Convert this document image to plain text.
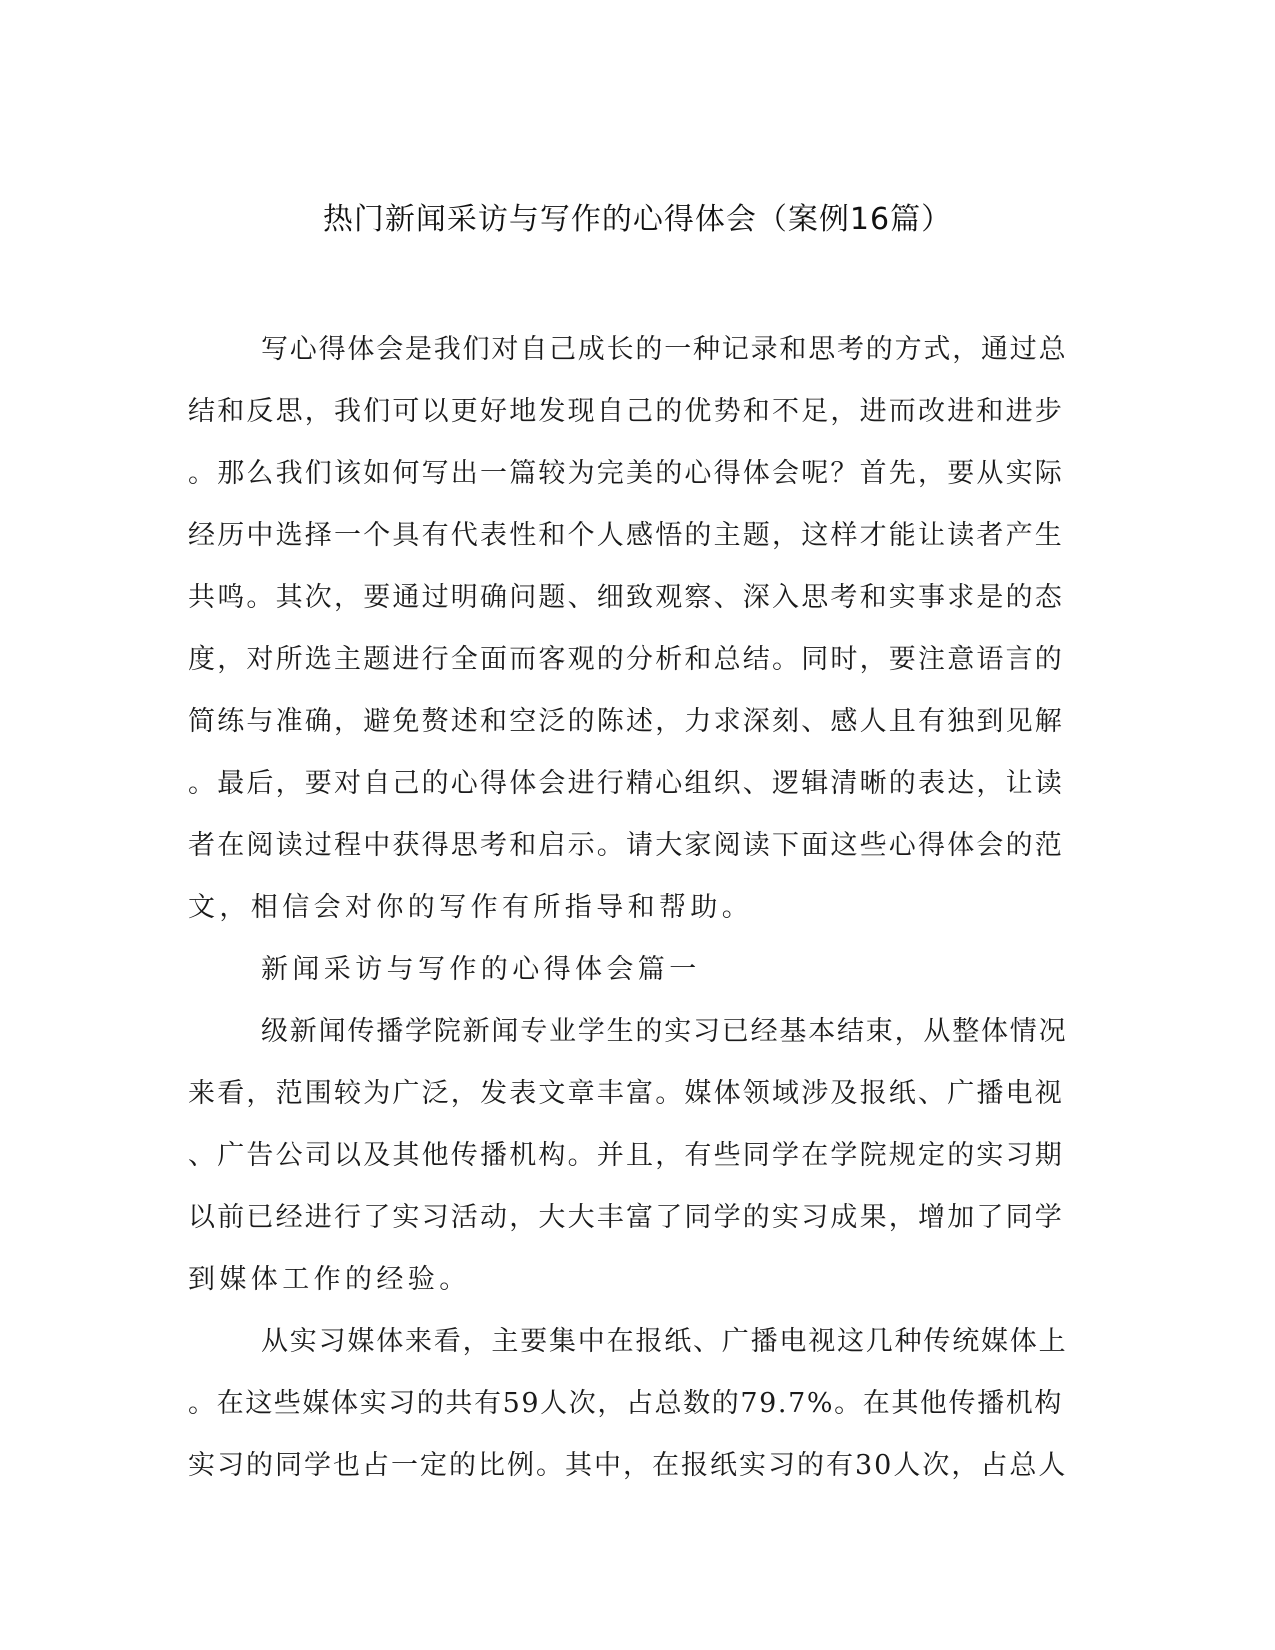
热门新闻采访与写作的心得体会（案例16篇）
写心得体会是我们对自己成长的一种记录和思考的方式，通过总
结和反思，我们可以更好地发现自己的优势和不足，进而改进和进步
。那么我们该如何写出一篇较为完美的心得体会呢？首先，要从实际
经历中选择一个具有代表性和个人感悟的主题，这样才能让读者产生
共鸣。其次，要通过明确问题、细致观察、深入思考和实事求是的态
度，对所选主题进行全面而客观的分析和总结。同时，要注意语言的
简练与准确，避免赘述和空泛的陈述，力求深刻、感人且有独到见解
。最后，要对自己的心得体会进行精心组织、逻辑清晰的表达，让读
者在阅读过程中获得思考和启示。请大家阅读下面这些心得体会的范
文，相信会对你的写作有所指导和帮助。
新闻采访与写作的心得体会篇一
级新闻传播学院新闻专业学生的实习已经基本结束，从整体情况
来看，范围较为广泛，发表文章丰富。媒体领域涉及报纸、广播电视
、广告公司以及其他传播机构。并且，有些同学在学院规定的实习期
以前已经进行了实习活动，大大丰富了同学的实习成果，增加了同学
到媒体工作的经验。
从实习媒体来看，主要集中在报纸、广播电视这几种传统媒体上
。在这些媒体实习的共有59人次，占总数的79.7%。在其他传播机构
实习的同学也占一定的比例。其中，在报纸实习的有30人次，占总人
